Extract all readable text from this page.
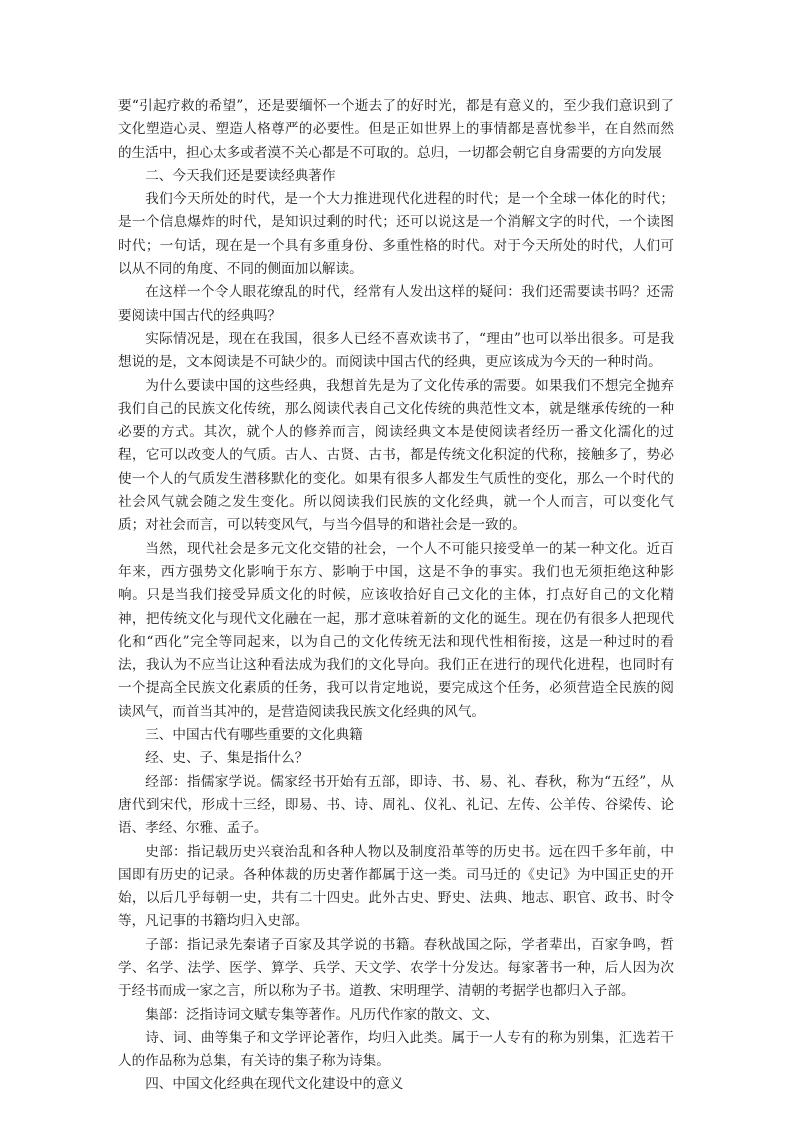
要“引起疗救的希望”，还是要缅怀一个逝去了的好时光，都是有意义的，至少我们意识到了文化塑造心灵、塑造人格尊严的必要性。但是正如世界上的事情都是喜忧参半，在自然而然的生活中，担心太多或者漠不关心都是不可取的。总归，一切都会朝它自身需要的方向发展

二、今天我们还是要读经典著作

我们今天所处的时代，是一个大力推进现代化进程的时代；是一个全球一体化的时代；是一个信息爆炸的时代，是知识过剩的时代；还可以说这是一个消解文字的时代，一个读图时代；一句话，现在是一个具有多重身份、多重性格的时代。对于今天所处的时代，人们可以从不同的角度、不同的侧面加以解读。

在这样一个令人眼花缭乱的时代，经常有人发出这样的疑问：我们还需要读书吗？还需要阅读中国古代的经典吗？

实际情况是，现在在我国，很多人已经不喜欢读书了，“理由”也可以举出很多。可是我想说的是，文本阅读是不可缺少的。而阅读中国古代的经典，更应该成为今天的一种时尚。

为什么要读中国的这些经典，我想首先是为了文化传承的需要。如果我们不想完全抛弃我们自己的民族文化传统，那么阅读代表自己文化传统的典范性文本，就是继承传统的一种必要的方式。其次，就个人的修养而言，阅读经典文本是使阅读者经历一番文化濡化的过程，它可以改变人的气质。古人、古贤、古书，都是传统文化积淀的代称，接触多了，势必使一个人的气质发生潜移默化的变化。如果有很多人都发生气质性的变化，那么一个时代的社会风气就会随之发生变化。所以阅读我们民族的文化经典，就一个人而言，可以变化气质；对社会而言，可以转变风气，与当今倡导的和谐社会是一致的。

当然，现代社会是多元文化交错的社会，一个人不可能只接受单一的某一种文化。近百年来，西方强势文化影响于东方、影响于中国，这是不争的事实。我们也无须拒绝这种影响。只是当我们接受异质文化的时候，应该收拾好自己文化的主体，打点好自己的文化精神，把传统文化与现代文化融在一起，那才意味着新的文化的诞生。现在仍有很多人把现代化和“西化”完全等同起来，以为自己的文化传统无法和现代性相衔接，这是一种过时的看法，我认为不应当让这种看法成为我们的文化导向。我们正在进行的现代化进程，也同时有一个提高全民族文化素质的任务，我可以肯定地说，要完成这个任务，必须营造全民族的阅读风气，而首当其冲的，是营造阅读我民族文化经典的风气。

三、中国古代有哪些重要的文化典籍

经、史、子、集是指什么？

经部：指儒家学说。儒家经书开始有五部，即诗、书、易、礼、春秋，称为“五经”，从唐代到宋代，形成十三经，即易、书、诗、周礼、仪礼、礼记、左传、公羊传、谷梁传、论语、孝经、尔雅、孟子。

史部：指记载历史兴衰治乱和各种人物以及制度沿革等的历史书。远在四千多年前，中国即有历史的记录。各种体裁的历史著作都属于这一类。司马迁的《史记》为中国正史的开始，以后几乎每朝一史，共有二十四史。此外古史、野史、法典、地志、职官、政书、时令等，凡记事的书籍均归入史部。

子部：指记录先秦诸子百家及其学说的书籍。春秋战国之际，学者辈出，百家争鸣，哲学、名学、法学、医学、算学、兵学、天文学、农学十分发达。每家著书一种，后人因为次于经书而成一家之言，所以称为子书。道教、宋明理学、清朝的考据学也都归入子部。

集部：泛指诗词文赋专集等著作。凡历代作家的散文、文、

诗、词、曲等集子和文学评论著作，均归入此类。属于一人专有的称为别集，汇选若干人的作品称为总集，有关诗的集子称为诗集。

四、中国文化经典在现代文化建设中的意义
